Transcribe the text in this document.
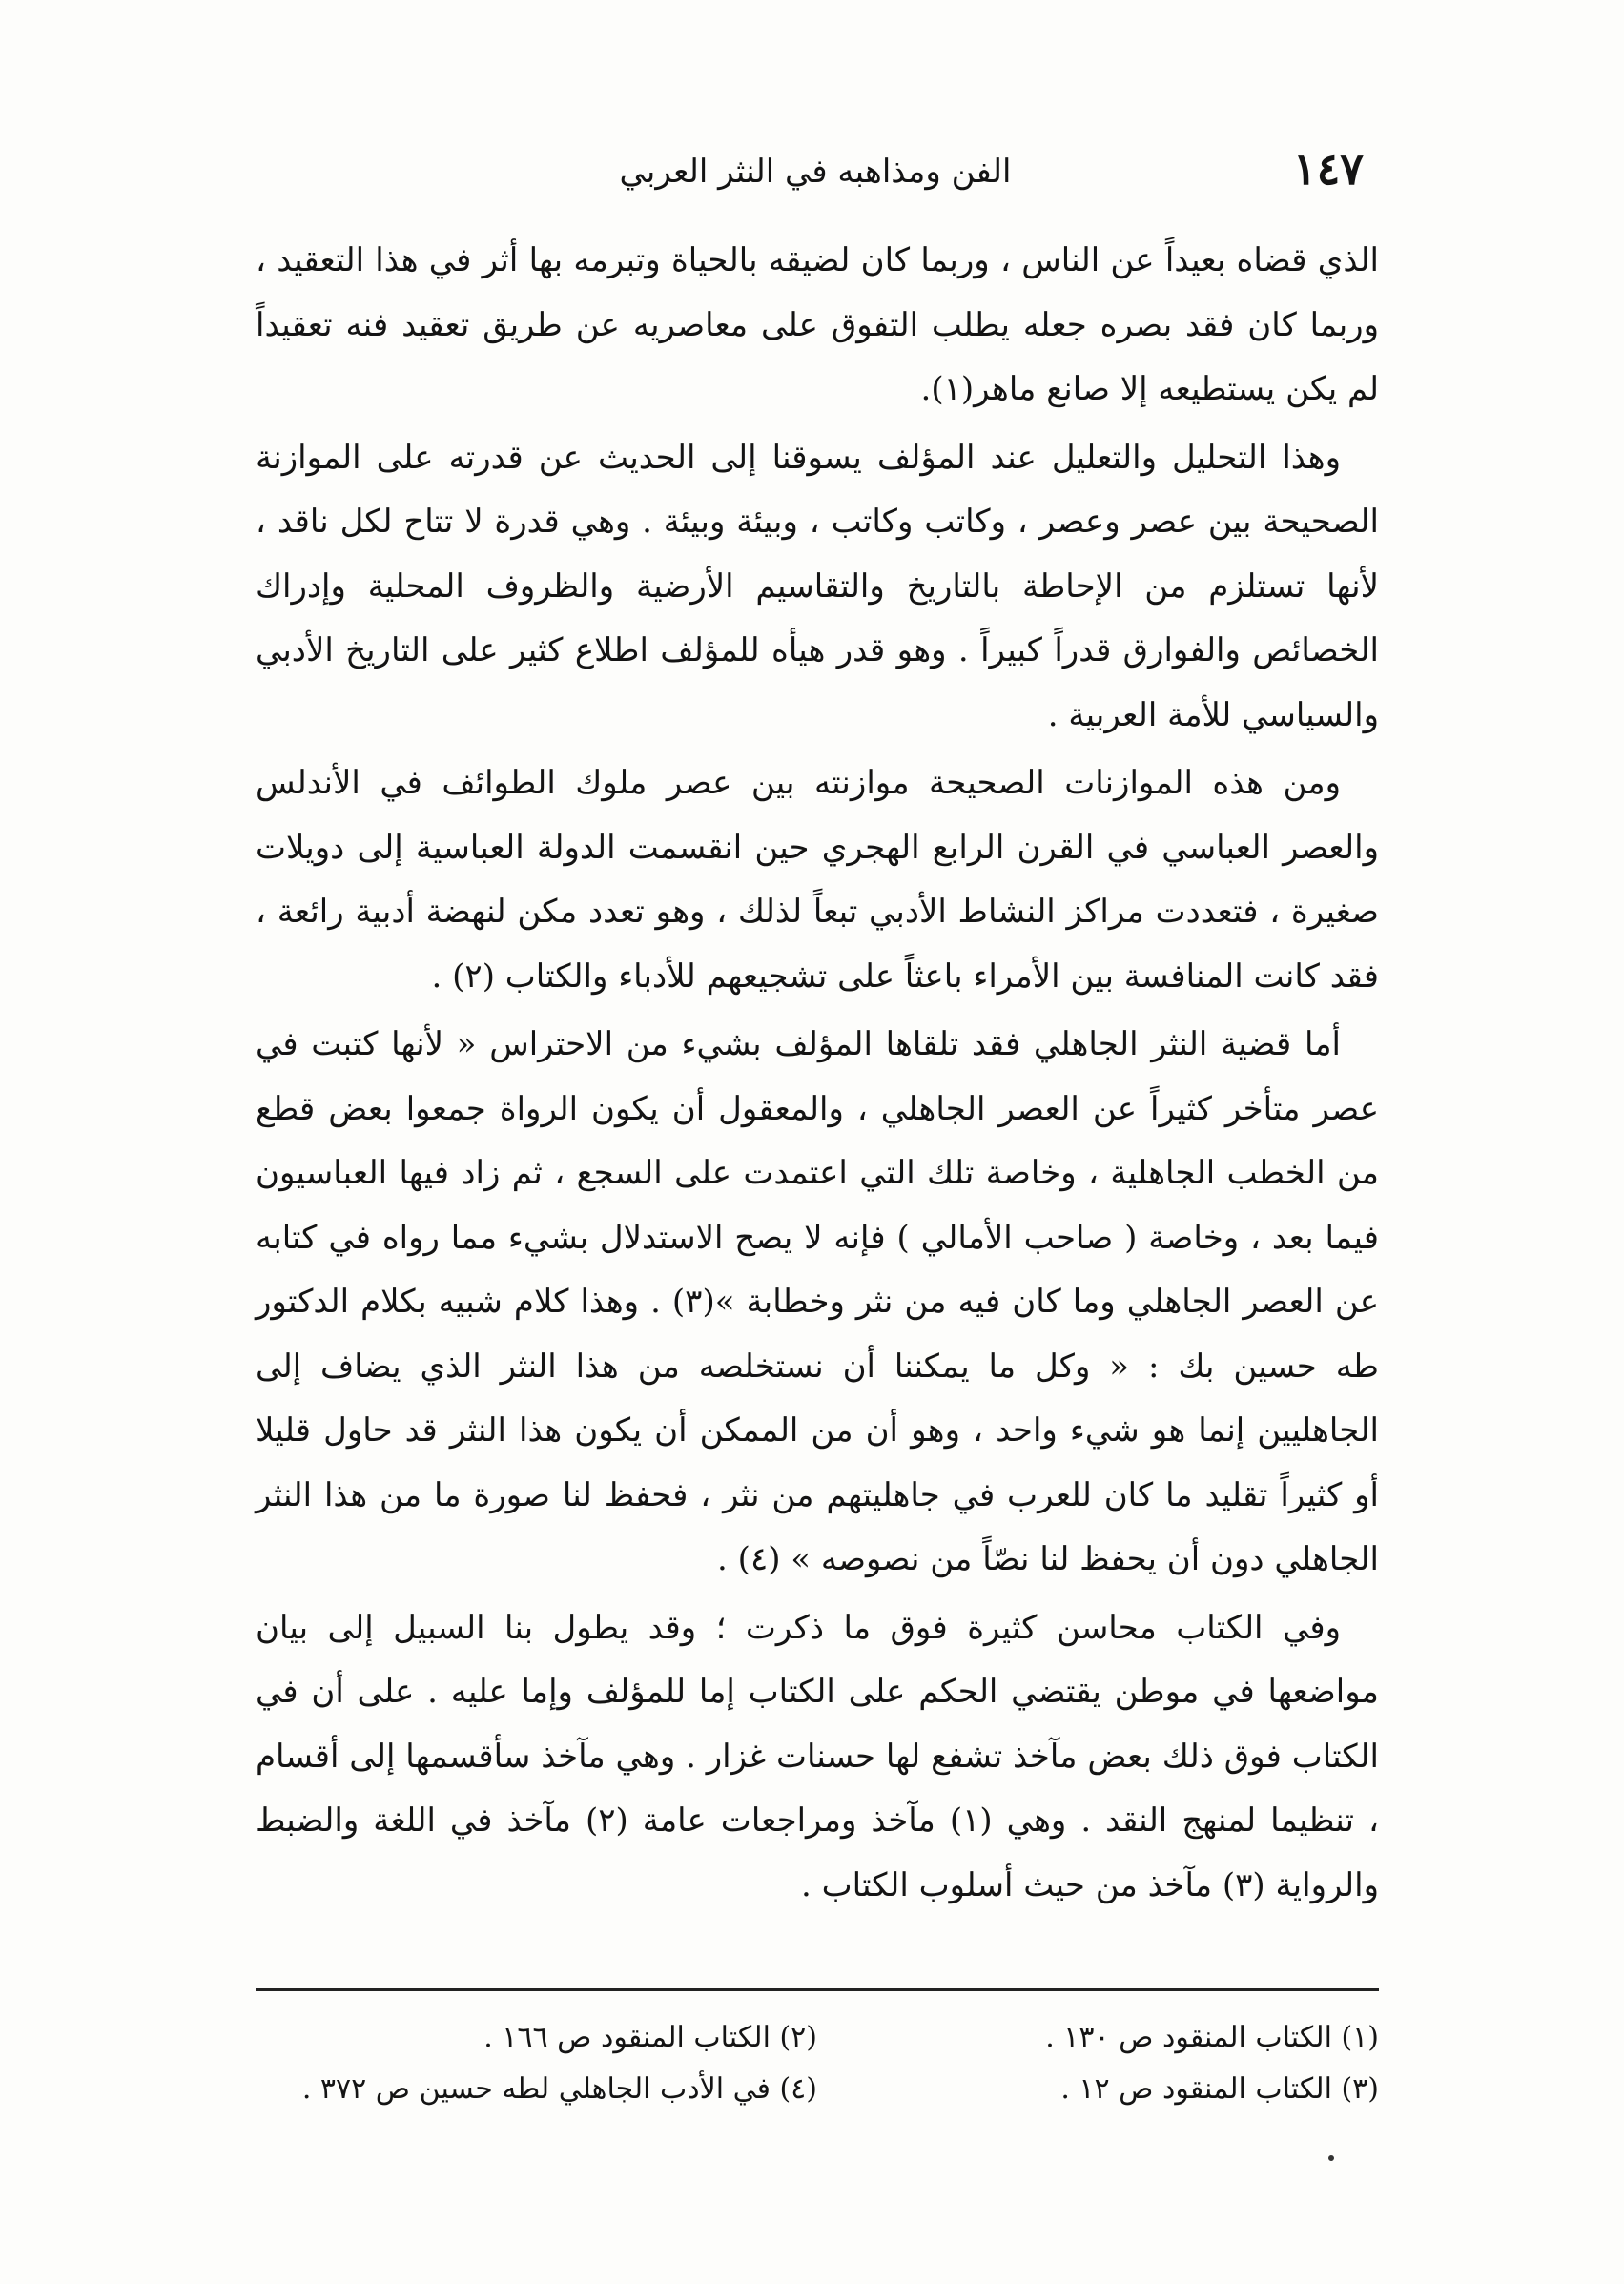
١٤٧
الفن ومذاهبه في النثر العربي

الذي قضاه بعيداً عن الناس ، وربما كان لضيقه بالحياة وتبرمه بها أثر في هذا التعقيد ، وربما كان فقد بصره جعله يطلب التفوق على معاصريه عن طريق تعقيد فنه تعقيداً لم يكن يستطيعه إلا صانع ماهر(١).

وهذا التحليل والتعليل عند المؤلف يسوقنا إلى الحديث عن قدرته على الموازنة الصحيحة بين عصر وعصر ، وكاتب وكاتب ، وبيئة وبيئة . وهي قدرة لا تتاح لكل ناقد ، لأنها تستلزم من الإحاطة بالتاريخ والتقاسيم الأرضية والظروف المحلية وإدراك الخصائص والفوارق قدراً كبيراً . وهو قدر هيأه للمؤلف اطلاع كثير على التاريخ الأدبي والسياسي للأمة العربية .

ومن هذه الموازنات الصحيحة موازنته بين عصر ملوك الطوائف في الأندلس والعصر العباسي في القرن الرابع الهجري حين انقسمت الدولة العباسية إلى دويلات صغيرة ، فتعددت مراكز النشاط الأدبي تبعاً لذلك ، وهو تعدد مكن لنهضة أدبية رائعة ، فقد كانت المنافسة بين الأمراء باعثاً على تشجيعهم للأدباء والكتاب (٢) .

أما قضية النثر الجاهلي فقد تلقاها المؤلف بشيء من الاحتراس « لأنها كتبت في عصر متأخر كثيراً عن العصر الجاهلي ، والمعقول أن يكون الرواة جمعوا بعض قطع من الخطب الجاهلية ، وخاصة تلك التي اعتمدت على السجع ، ثم زاد فيها العباسيون فيما بعد ، وخاصة ( صاحب الأمالي ) فإنه لا يصح الاستدلال بشيء مما رواه في كتابه عن العصر الجاهلي وما كان فيه من نثر وخطابة »(٣) . وهذا كلام شبيه بكلام الدكتور طه حسين بك : « وكل ما يمكننا أن نستخلصه من هذا النثر الذي يضاف إلى الجاهليين إنما هو شيء واحد ، وهو أن من الممكن أن يكون هذا النثر قد حاول قليلا أو كثيراً تقليد ما كان للعرب في جاهليتهم من نثر ، فحفظ لنا صورة ما من هذا النثر الجاهلي دون أن يحفظ لنا نصّاً من نصوصه » (٤) .

وفي الكتاب محاسن كثيرة فوق ما ذكرت ؛ وقد يطول بنا السبيل إلى بيان مواضعها في موطن يقتضي الحكم على الكتاب إما للمؤلف وإما عليه . على أن في الكتاب فوق ذلك بعض مآخذ تشفع لها حسنات غزار . وهي مآخذ سأقسمها إلى أقسام ، تنظيما لمنهج النقد . وهي (١) مآخذ ومراجعات عامة (٢) مآخذ في اللغة والضبط والرواية (٣) مآخذ من حيث أسلوب الكتاب .

(١) الكتاب المنقود ص ١٣٠ .
(٢) الكتاب المنقود ص ١٦٦ .
(٣) الكتاب المنقود ص ١٢ .
(٤) في الأدب الجاهلي لطه حسين ص ٣٧٢ .
